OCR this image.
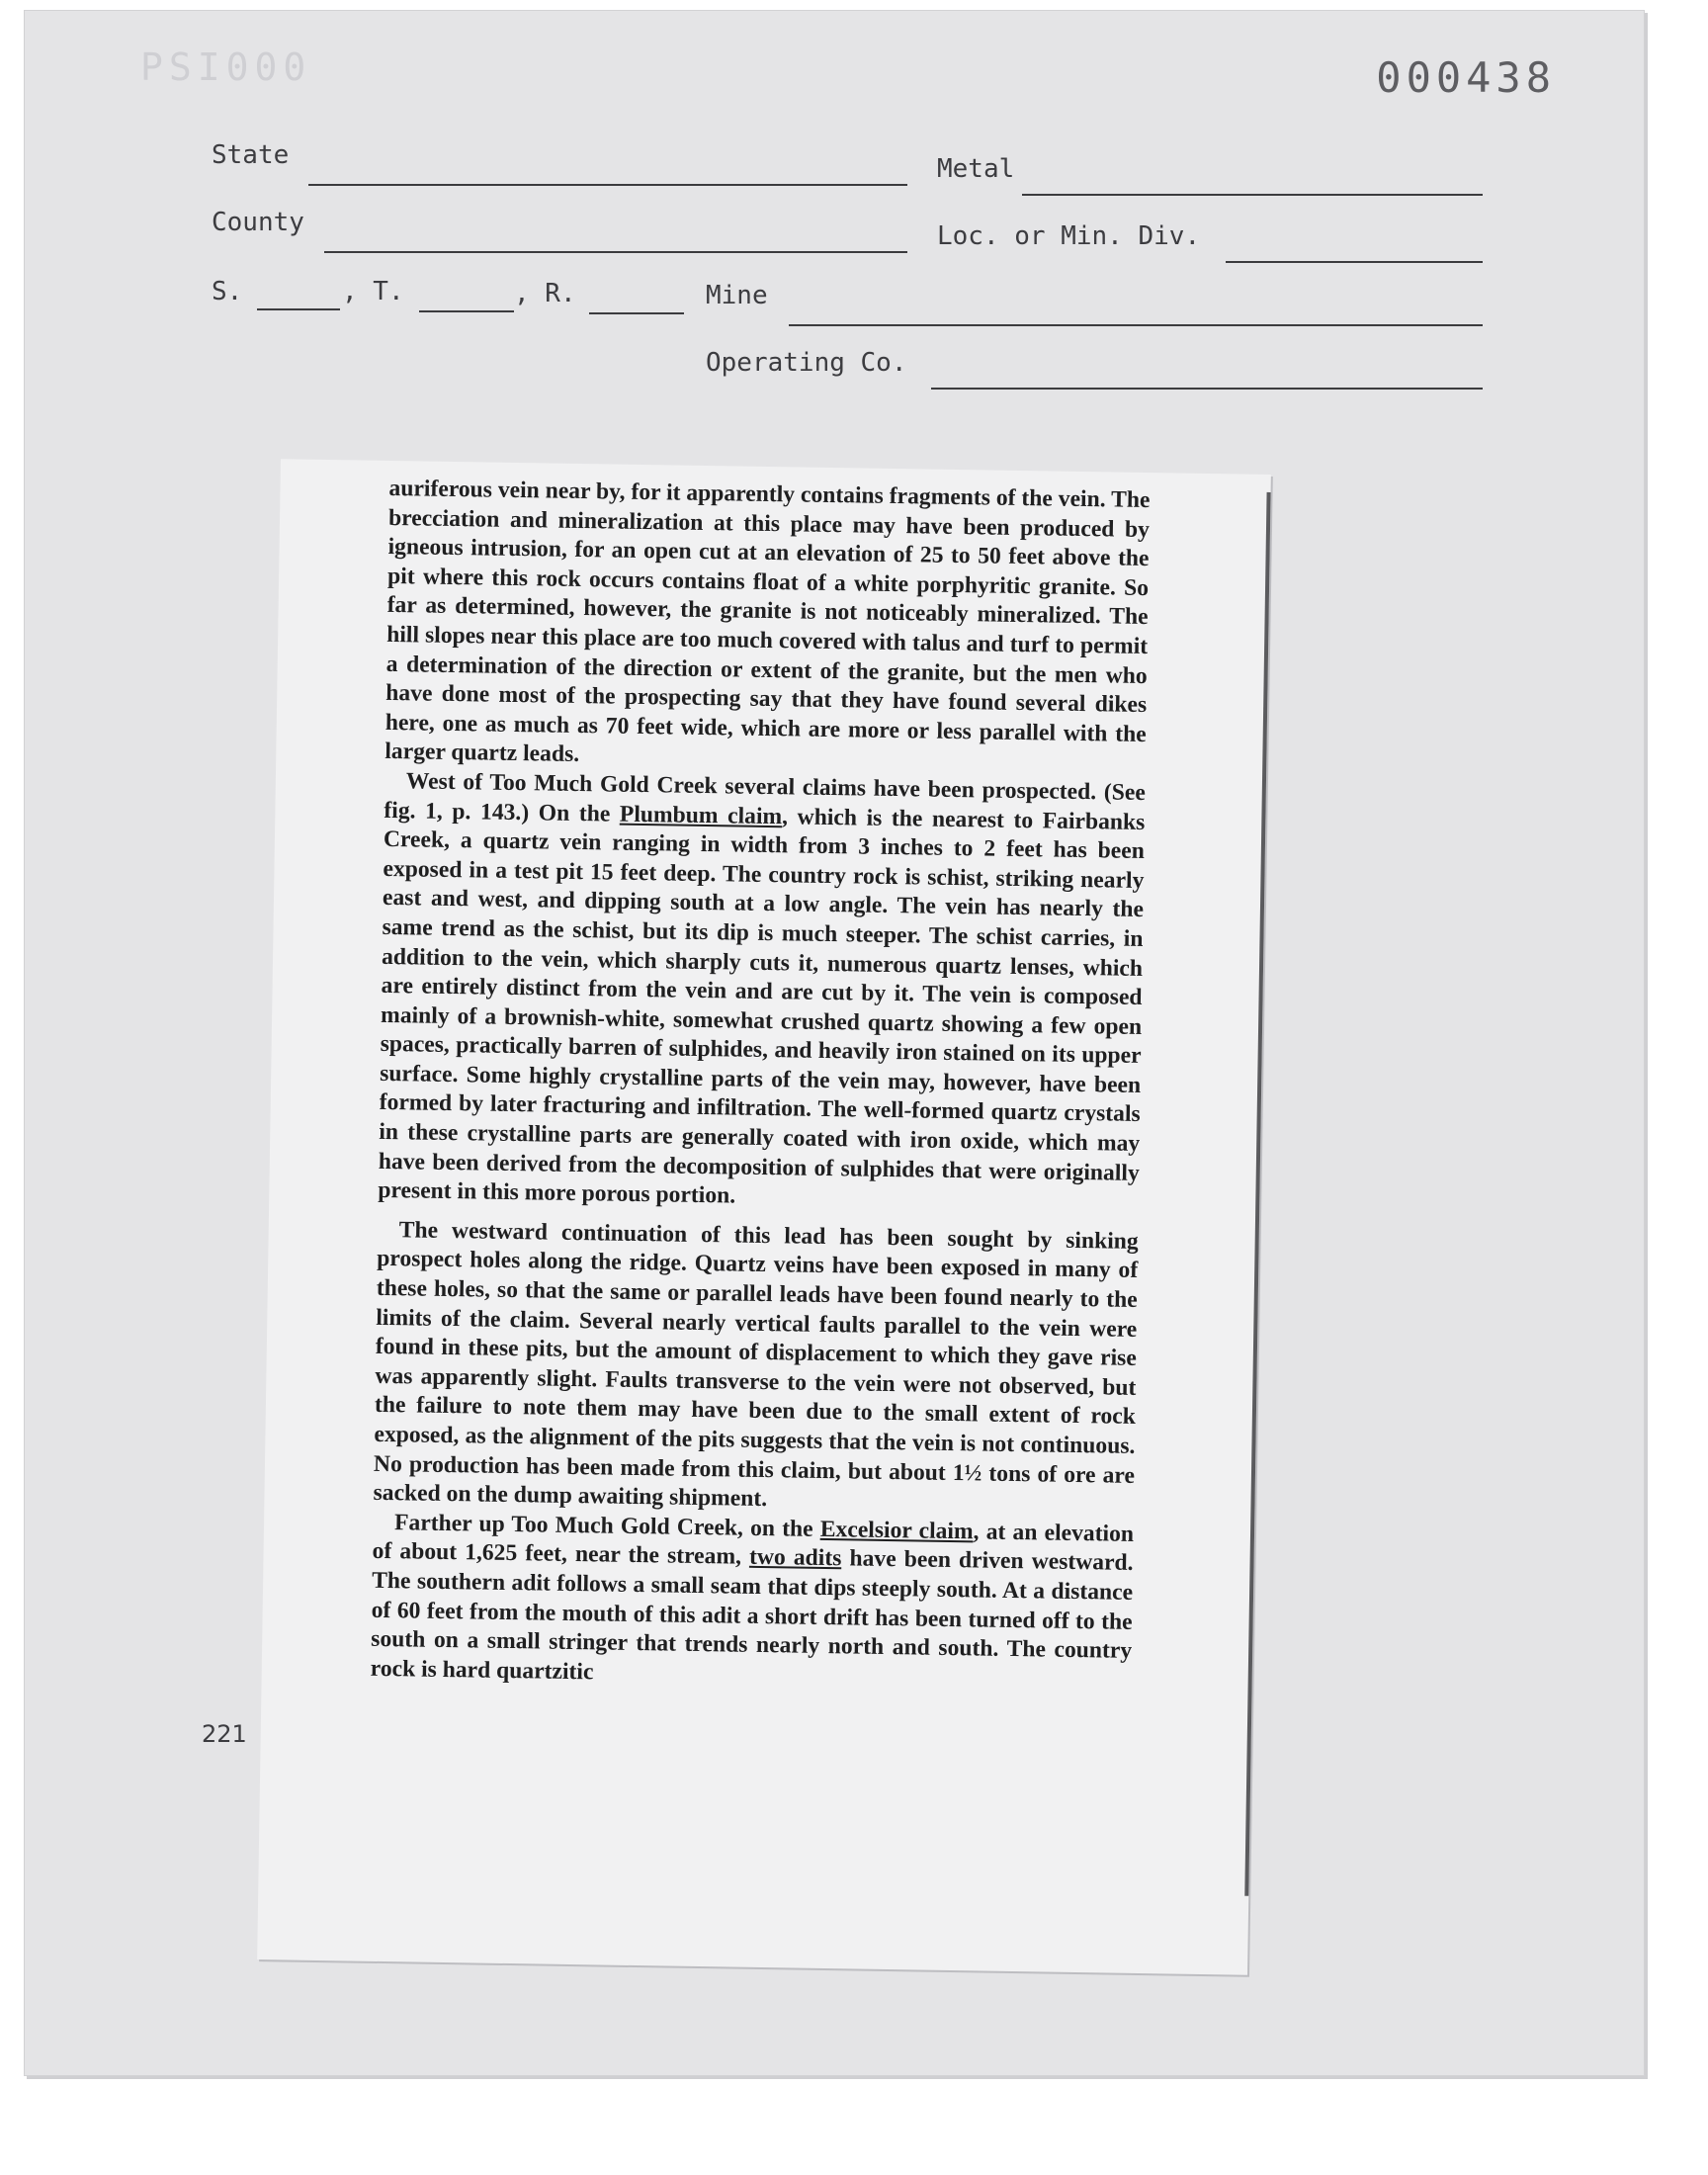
PSI000	000438
State	Metal
County	Loc. or Min. Div.
S.	, T.	, R.	Mine
Operating Co.
221

auriferous vein near by, for it apparently contains fragments of the vein. The brecciation and mineralization at this place may have been produced by igneous intrusion, for an open cut at an elevation of 25 to 50 feet above the pit where this rock occurs contains float of a white porphyritic granite. So far as determined, however, the granite is not noticeably mineralized. The hill slopes near this place are too much covered with talus and turf to permit a determination of the direction or extent of the granite, but the men who have done most of the prospecting say that they have found several dikes here, one as much as 70 feet wide, which are more or less parallel with the larger quartz leads.

West of Too Much Gold Creek several claims have been prospected. (See fig. 1, p. 143.) On the Plumbum claim, which is the nearest to Fairbanks Creek, a quartz vein ranging in width from 3 inches to 2 feet has been exposed in a test pit 15 feet deep. The country rock is schist, striking nearly east and west, and dipping south at a low angle. The vein has nearly the same trend as the schist, but its dip is much steeper. The schist carries, in addition to the vein, which sharply cuts it, numerous quartz lenses, which are entirely distinct from the vein and are cut by it. The vein is composed mainly of a brownish-white, somewhat crushed quartz showing a few open spaces, practically barren of sulphides, and heavily iron stained on its upper surface. Some highly crystalline parts of the vein may, however, have been formed by later fracturing and infiltration. The well-formed quartz crystals in these crystalline parts are generally coated with iron oxide, which may have been derived from the decomposition of sulphides that were originally present in this more porous portion.

The westward continuation of this lead has been sought by sinking prospect holes along the ridge. Quartz veins have been exposed in many of these holes, so that the same or parallel leads have been found nearly to the limits of the claim. Several nearly vertical faults parallel to the vein were found in these pits, but the amount of displacement to which they gave rise was apparently slight. Faults transverse to the vein were not observed, but the failure to note them may have been due to the small extent of rock exposed, as the alignment of the pits suggests that the vein is not continuous. No production has been made from this claim, but about 1½ tons of ore are sacked on the dump awaiting shipment.

Farther up Too Much Gold Creek, on the Excelsior claim, at an elevation of about 1,625 feet, near the stream, two adits have been driven westward. The southern adit follows a small seam that dips steeply south. At a distance of 60 feet from the mouth of this adit a short drift has been turned off to the south on a small stringer that trends nearly north and south. The country rock is hard quartzitic
